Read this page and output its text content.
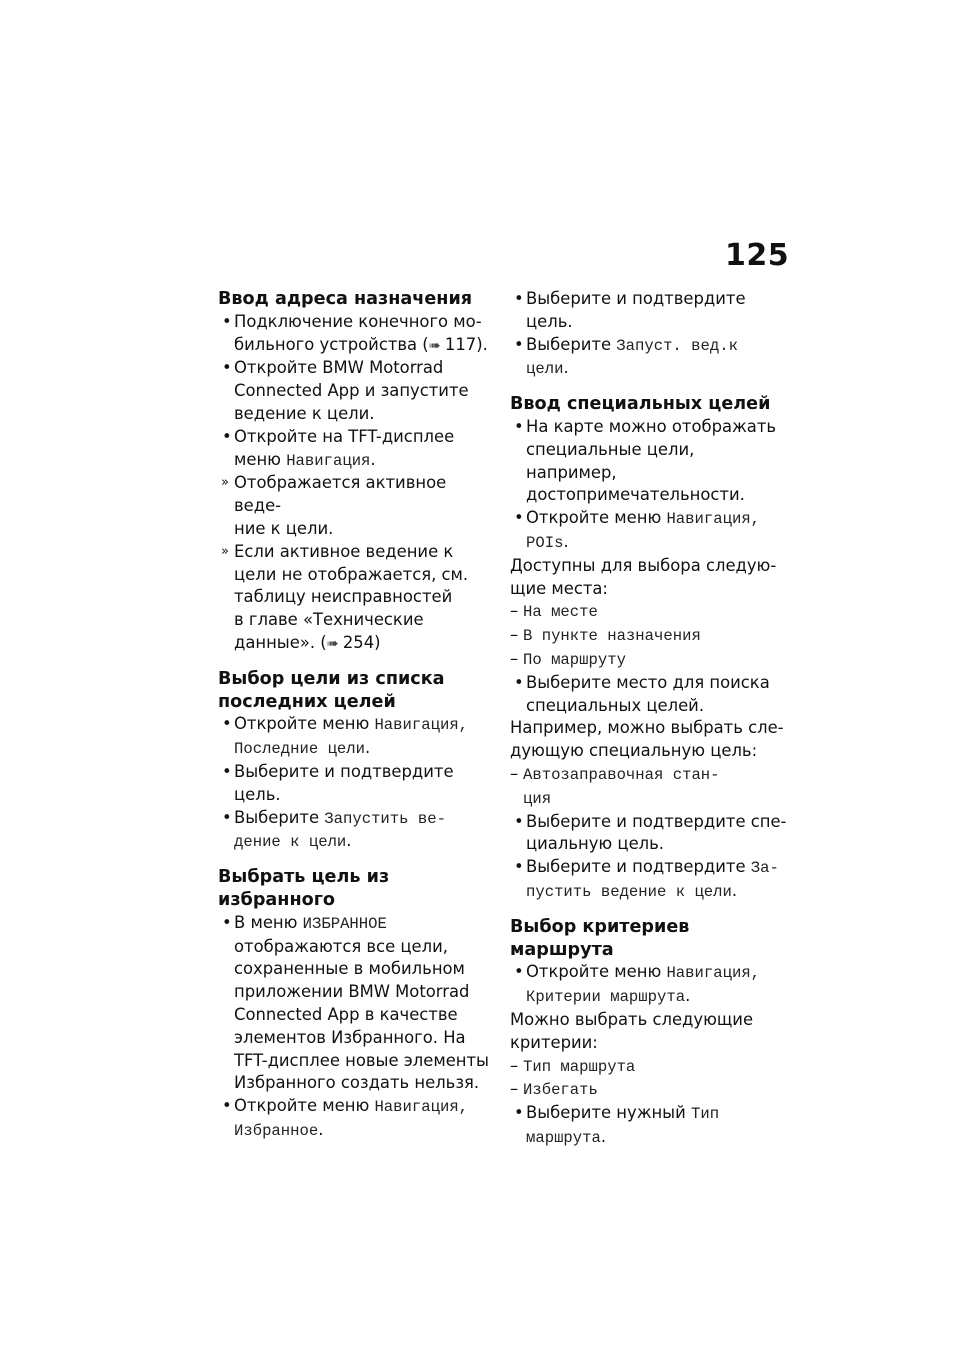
125

Ввод адреса назначения

• Подключение конечного мо-
бильного устройства (➠ 117).
• Откройте BMW Motorrad
Connected App и запустите
ведение к цели.
• Откройте на TFT-дисплее
меню Навигация.
» Отображается активное веде-
ние к цели.
» Если активное ведение к
цели не отображается, см.
таблицу неисправностей
в главе «Технические
данные». (➠ 254)

Выбор цели из списка
последних целей

• Откройте меню Навигация,
Последние цели.
• Выберите и подтвердите
цель.
• Выберите Запустить ве-
дение к цели.

Выбрать цель из
избранного

• В меню ИЗБРАННОЕ
отображаются все цели,
сохраненные в мобильном
приложении BMW Motorrad
Connected App в качестве
элементов Избранного. На
TFT-дисплее новые элементы
Избранного создать нельзя.
• Откройте меню Навигация,
Избранное.
• Выберите и подтвердите
цель.
• Выберите Запуст. вед.к
цели.

Ввод специальных целей

• На карте можно отображать
специальные цели, например,
достопримечательности.
• Откройте меню Навигация,
POIs.

Доступны для выбора следую-
щие места:

– На месте
– В пункте назначения
– По маршруту
• Выберите место для поиска
специальных целей.

Например, можно выбрать сле-
дующую специальную цель:

– Автозаправочная стан-
ция
• Выберите и подтвердите спе-
циальную цель.
• Выберите и подтвердите За-
пустить ведение к цели.

Выбор критериев маршрута

• Откройте меню Навигация,
Критерии маршрута.

Можно выбрать следующие
критерии:

– Тип маршрута
– Избегать
• Выберите нужный Тип
маршрута.
